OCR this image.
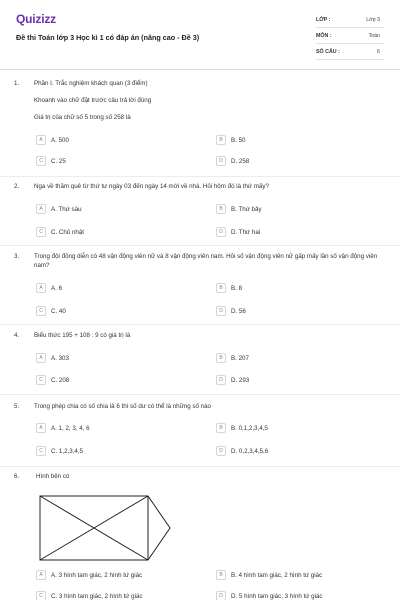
Quizizz
Đề thi Toán lớp 3 Học kì 1 có đáp án (nâng cao - Đề 3)
LỚP :	Lớp 3
MÔN :	Toán
SỐ CÂU :	6
1. Phần I. Trắc nghiệm khách quan (3 điểm)
Khoanh vào chữ đặt trước câu trả lời đúng
Giá trị của chữ số 5 trong số 258 là
A	A. 500	B	B. 50
C	C. 25	D	D. 258
2. Nga về thăm quê từ thứ tư ngày 03 đến ngày 14 mới về nhà. Hỏi hôm đó là thứ mấy?
A	A. Thứ sáu	B	B. Thứ bảy
C	C. Chủ nhật	D	D. Thứ hai
3. Trong đội đồng diễn có 48 vận động viên nữ và 8 vận động viên nam. Hỏi số vận động viên nữ gấp mấy lần số vận động viên nam?
A	A. 6	B	B. 8
C	C. 40	D	D. 56
4. Biểu thức 195 + 108 : 9 có giá trị là
A	A. 303	B	B. 207
C	C. 208	D	D. 293
5. Trong phép chia có số chia là 6 thì số dư có thể là những số nào
A	A. 1, 2, 3, 4, 6	B	B. 0,1,2,3,4,5
C	C. 1,2,3,4,5	D	D. 0,2,3,4,5,6
6.	Hình bên có
A	A. 3 hình tam giác, 2 hình tứ giác	B	B. 4 hình tam giác, 2 hình tứ giác
C	C. 3 hình tam giác, 2 hình tứ giác	D	D. 5 hình tam giác, 3 hình tứ giác
